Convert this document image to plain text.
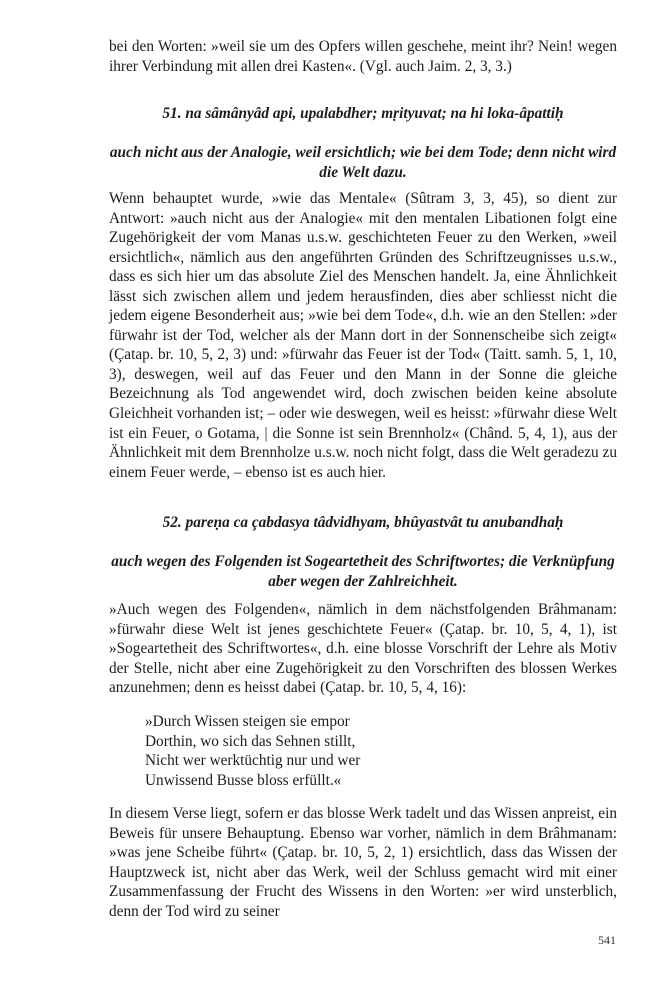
bei den Worten: »weil sie um des Opfers willen geschehe, meint ihr? Nein! wegen ihrer Verbindung mit allen drei Kasten«. (Vgl. auch Jaim. 2, 3, 3.)

51. na sâmânyâd api, upalabdher; mṛityuvat; na hi loka-âpattiḥ

auch nicht aus der Analogie, weil ersichtlich; wie bei dem Tode; denn nicht wird die Welt dazu.

Wenn behauptet wurde, »wie das Mentale« (Sûtram 3, 3, 45), so dient zur Antwort: »auch nicht aus der Analogie« mit den mentalen Libationen folgt eine Zugehörigkeit der vom Manas u.s.w. geschichteten Feuer zu den Werken, »weil ersichtlich«, nämlich aus den angeführten Gründen des Schriftzeugnisses u.s.w., dass es sich hier um das absolute Ziel des Menschen handelt. Ja, eine Ähnlichkeit lässt sich zwischen allem und jedem herausfinden, dies aber schliesst nicht die jedem eigene Besonderheit aus; »wie bei dem Tode«, d.h. wie an den Stellen: »der fürwahr ist der Tod, welcher als der Mann dort in der Sonnenscheibe sich zeigt« (Çatap. br. 10, 5, 2, 3) und: »fürwahr das Feuer ist der Tod« (Taitt. samh. 5, 1, 10, 3), deswegen, weil auf das Feuer und den Mann in der Sonne die gleiche Bezeichnung als Tod angewendet wird, doch zwischen beiden keine absolute Gleichheit vorhanden ist; – oder wie deswegen, weil es heisst: »fürwahr diese Welt ist ein Feuer, o Gotama, | die Sonne ist sein Brennholz« (Chând. 5, 4, 1), aus der Ähnlichkeit mit dem Brennholze u.s.w. noch nicht folgt, dass die Welt geradezu zu einem Feuer werde, – ebenso ist es auch hier.

52. pareṇa ca çabdasya tâdvidhyam, bhûyastvât tu anubandhaḥ

auch wegen des Folgenden ist Sogeartetheit des Schriftwortes; die Verknüpfung aber wegen der Zahlreichheit.

»Auch wegen des Folgenden«, nämlich in dem nächstfolgenden Brâhmanam: »fürwahr diese Welt ist jenes geschichtete Feuer« (Çatap. br. 10, 5, 4, 1), ist »Sogeartetheit des Schriftwortes«, d.h. eine blosse Vorschrift der Lehre als Motiv der Stelle, nicht aber eine Zugehörigkeit zu den Vorschriften des blossen Werkes anzunehmen; denn es heisst dabei (Çatap. br. 10, 5, 4, 16):

»Durch Wissen steigen sie empor
Dorthin, wo sich das Sehnen stillt,
Nicht wer werktüchtig nur und wer
Unwissend Busse bloss erfüllt.«

In diesem Verse liegt, sofern er das blosse Werk tadelt und das Wissen anpreist, ein Beweis für unsere Behauptung. Ebenso war vorher, nämlich in dem Brâhmanam: »was jene Scheibe führt« (Çatap. br. 10, 5, 2, 1) ersichtlich, dass das Wissen der Hauptzweck ist, nicht aber das Werk, weil der Schluss gemacht wird mit einer Zusammenfassung der Frucht des Wissens in den Worten: »er wird unsterblich, denn der Tod wird zu seiner

541
